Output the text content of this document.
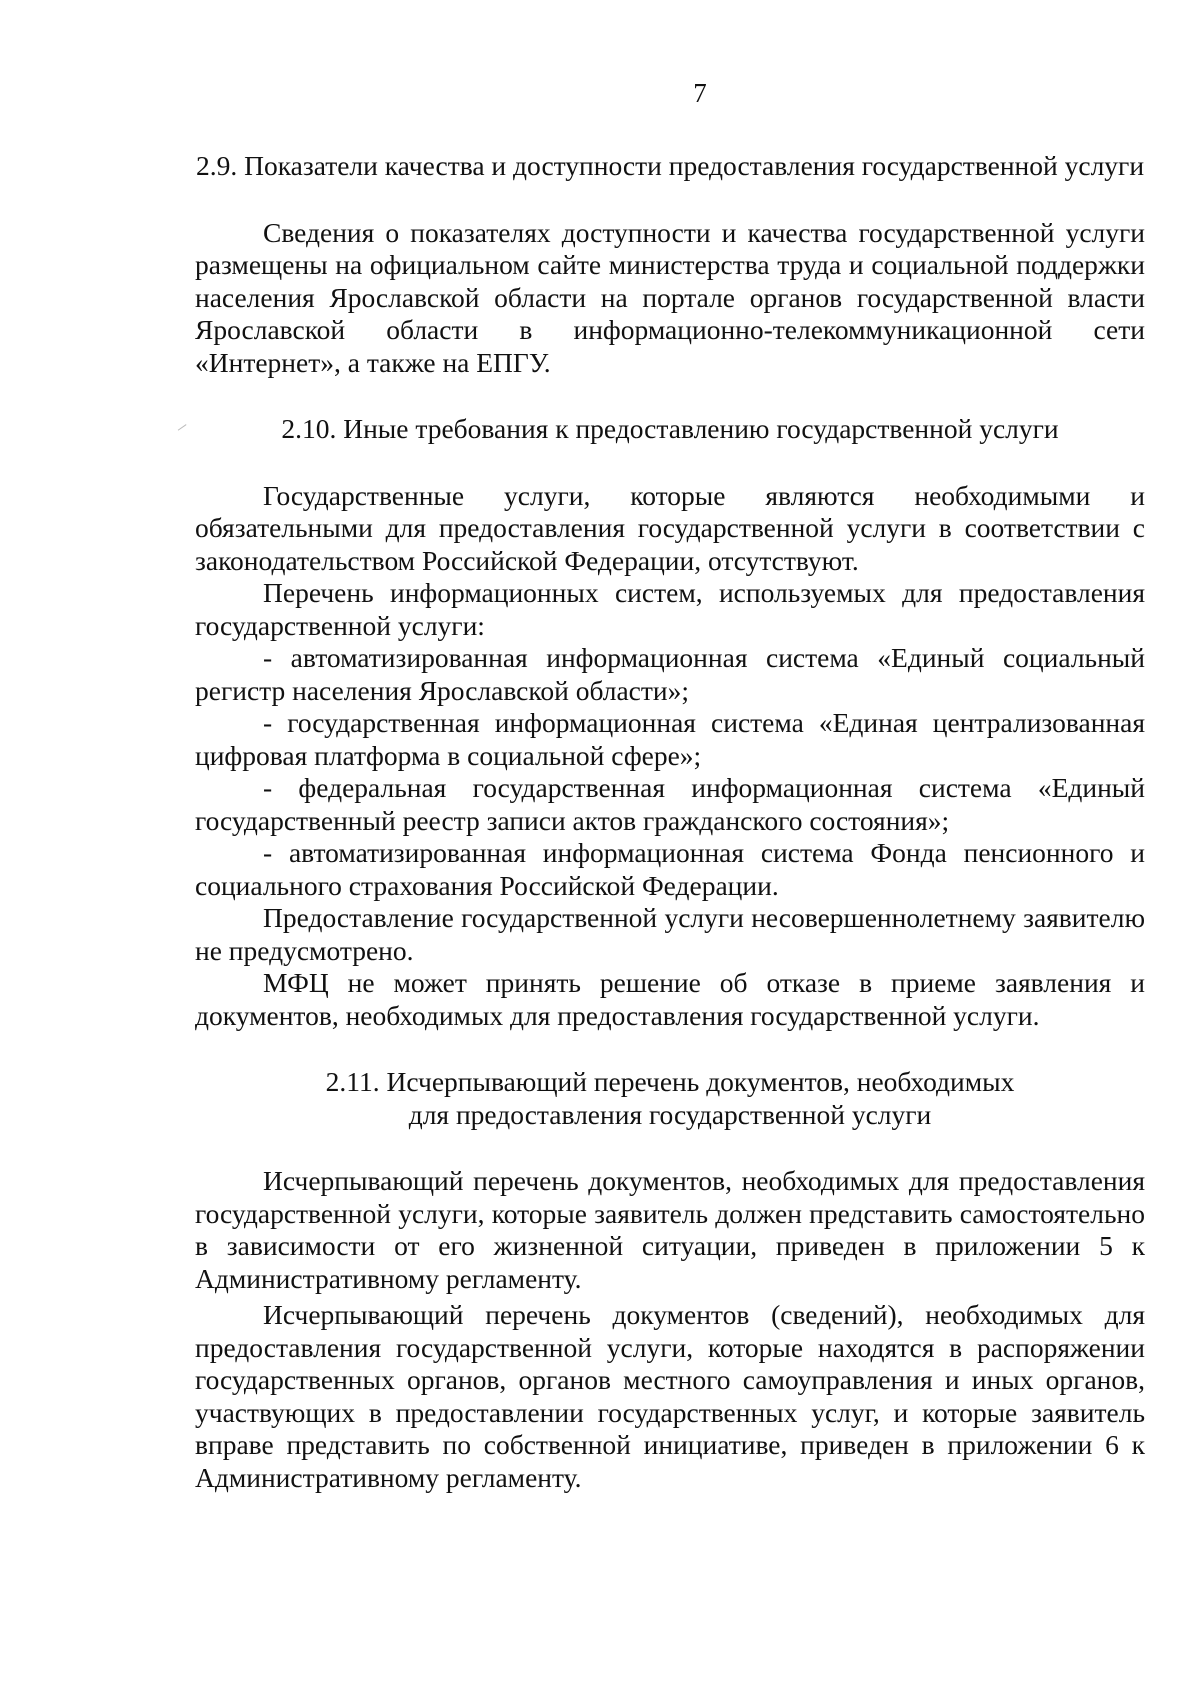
7
2.9. Показатели качества и доступности предоставления государственной услуги

Сведения о показателях доступности и качества государственной услуги размещены на официальном сайте министерства труда и социальной поддержки населения Ярославской области на портале органов государственной власти Ярославской области в информационно-телекоммуникационной сети «Интернет», а также на ЕПГУ.

2.10. Иные требования к предоставлению государственной услуги

Государственные услуги, которые являются необходимыми и обязательными для предоставления государственной услуги в соответствии с законодательством Российской Федерации, отсутствуют.

Перечень информационных систем, используемых для предоставления государственной услуги:

- автоматизированная информационная система «Единый социальный регистр населения Ярославской области»;

- государственная информационная система «Единая централизованная цифровая платформа в социальной сфере»;

- федеральная государственная информационная система «Единый государственный реестр записи актов гражданского состояния»;

- автоматизированная информационная система Фонда пенсионного и социального страхования Российской Федерации.

Предоставление государственной услуги несовершеннолетнему заявителю не предусмотрено.

МФЦ не может принять решение об отказе в приеме заявления и документов, необходимых для предоставления государственной услуги.

2.11. Исчерпывающий перечень документов, необходимых для предоставления государственной услуги

Исчерпывающий перечень документов, необходимых для предоставления государственной услуги, которые заявитель должен представить самостоятельно в зависимости от его жизненной ситуации, приведен в приложении 5 к Административному регламенту.

Исчерпывающий перечень документов (сведений), необходимых для предоставления государственной услуги, которые находятся в распоряжении государственных органов, органов местного самоуправления и иных органов, участвующих в предоставлении государственных услуг, и которые заявитель вправе представить по собственной инициативе, приведен в приложении 6 к Административному регламенту.
